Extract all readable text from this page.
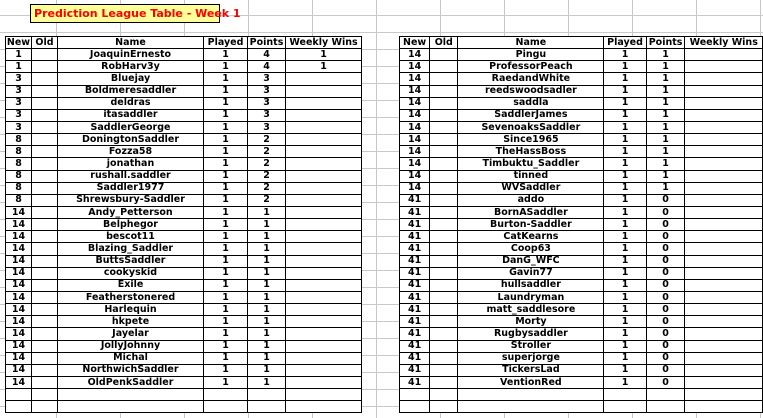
Prediction League Table - Week 1
New	Old	Name	Played	Points	Weekly Wins
1		JoaquinErnesto	1	4	1
1		RobHarv3y	1	4	1
3		Bluejay	1	3	
3		Boldmeresaddler	1	3	
3		deldras	1	3	
3		itasaddler	1	3	
3		SaddlerGeorge	1	3	
8		DoningtonSaddler	1	2	
8		Fozza58	1	2	
8		jonathan	1	2	
8		rushall.saddler	1	2	
8		Saddler1977	1	2	
8		Shrewsbury-Saddler	1	2	
14		Andy_Petterson	1	1	
14		Belphegor	1	1	
14		bescot11	1	1	
14		Blazing_Saddler	1	1	
14		ButtsSaddler	1	1	
14		cookyskid	1	1	
14		Exile	1	1	
14		Featherstonered	1	1	
14		Harlequin	1	1	
14		hkpete	1	1	
14		Jayelar	1	1	
14		JollyJohnny	1	1	
14		Michal	1	1	
14		NorthwichSaddler	1	1	
14		OldPenkSaddler	1	1	

New	Old	Name	Played	Points	Weekly Wins
14		Pingu	1	1	
14		ProfessorPeach	1	1	
14		RaedandWhite	1	1	
14		reedswoodsadler	1	1	
14		saddla	1	1	
14		SaddlerJames	1	1	
14		SevenoaksSaddler	1	1	
14		Since1965	1	1	
14		TheHassBoss	1	1	
14		Timbuktu_Saddler	1	1	
14		tinned	1	1	
14		WVSaddler	1	1	
41		addo	1	0	
41		BornASaddler	1	0	
41		Burton-Saddler	1	0	
41		CatKearns	1	0	
41		Coop63	1	0	
41		DanG_WFC	1	0	
41		Gavin77	1	0	
41		hullsaddler	1	0	
41		Laundryman	1	0	
41		matt_saddlesore	1	0	
41		Morty	1	0	
41		Rugbysaddler	1	0	
41		Stroller	1	0	
41		superjorge	1	0	
41		TickersLad	1	0	
41		VentionRed	1	0	
